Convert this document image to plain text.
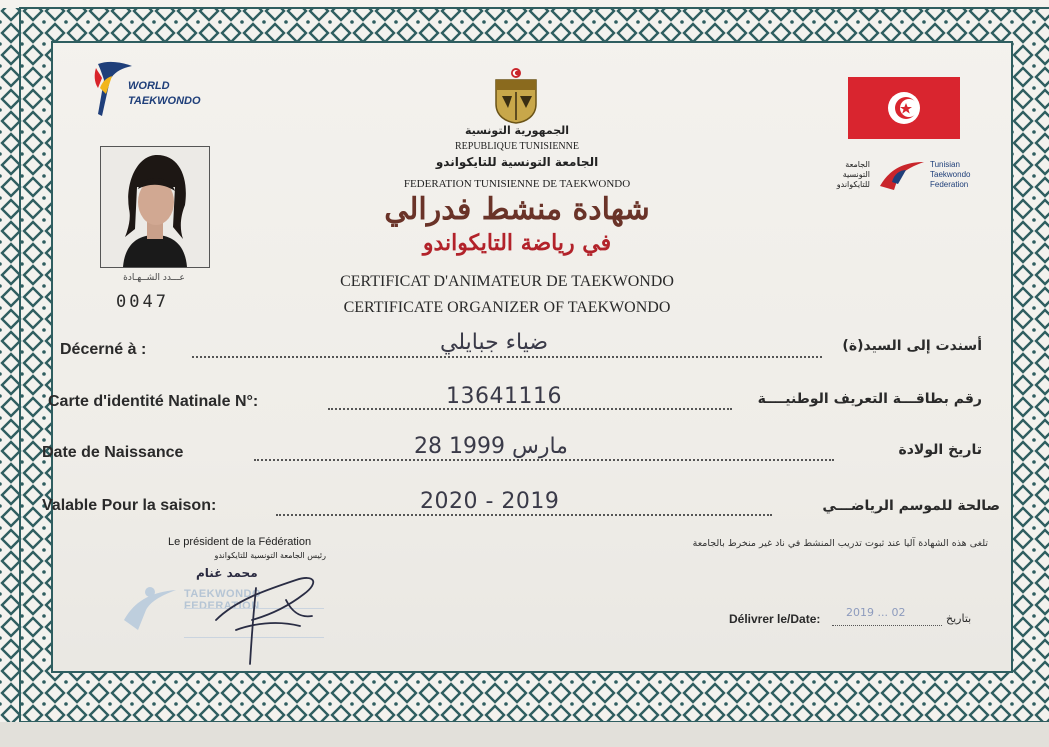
WORLD
TAEKWONDO
الجمهورية التونسية
REPUBLIQUE TUNISIENNE
الجامعة التونسية للتايكواندو
FEDERATION TUNISIENNE DE TAEKWONDO
شهادة منشط فدرالي
في رياضة التايكواندو
CERTIFICAT D'ANIMATEUR DE TAEKWONDO
CERTIFICATE ORGANIZER OF TAEKWONDO
الجامعة
التونسية
للتايكواندو
Tunisian
Taekwondo
Federation
عـــدد الشــهـادة
0047
Décerné à :	ضياء جبايلي	أسندت إلى السيد(ة)
Carte d'identité Natinale N°:	13641116	رقم بطاقـــة التعريف الوطنيــــة
Date de Naissance	28 مارس 1999	تاريخ الولادة
Valable Pour la saison:	2020 - 2019	صالحة للموسم الرياضـــي
Le président de la Fédération
رئيس الجامعة التونسية للتايكواندو
محمد غنام
TAEKWONDO FEDERATION
تلغى هذه الشهادة آليا عند ثبوت تدريب المنشط في ناد غير منخرط بالجامعة
Délivrer le/Date: 2019 ... 02	بتاريخ
